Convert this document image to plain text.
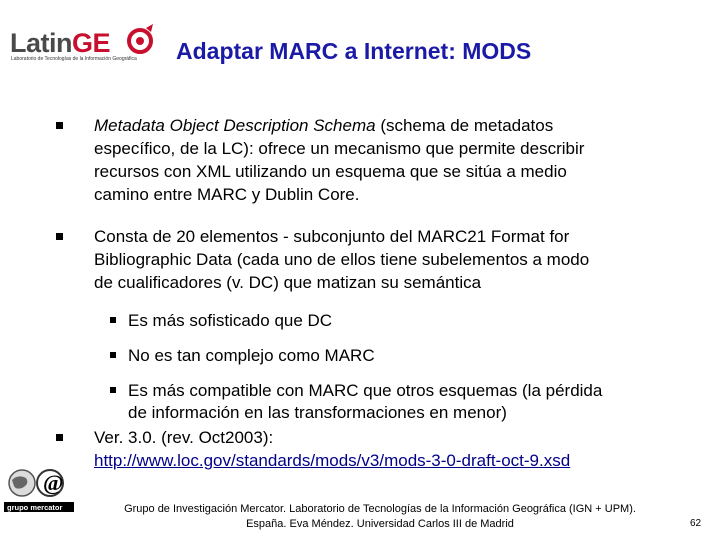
LatinGE
Laboratorio de Tecnologías de la Información Geográfica Adaptar MARC a Internet: MODS
Metadata Object Description Schema (schema de metadatos
específico, de la LC): ofrece un mecanismo que permite describir
recursos con XML utilizando un esquema que se sitúa a medio
camino entre MARC y Dublin Core.
Consta de 20 elementos - subconjunto del MARC21 Format for
Bibliographic Data (cada uno de ellos tiene subelementos a modo
de cualificadores (v. DC) que matizan su semántica
Es más sofisticado que DC
No es tan complejo como MARC
Es más compatible con MARC que otros esquemas (la pérdida
de información en las transformaciones en menor)
Ver. 3.0. (rev. Oct2003):
http://www.loc.gov/standards/mods/v3/mods-3-0-draft-oct-9.xsd
@
grupo mercator	Grupo de Investigación Mercator. Laboratorio de Tecnologías de la Información Geográfica (IGN + UPM).
España. Eva Méndez. Universidad Carlos III de Madrid	62
